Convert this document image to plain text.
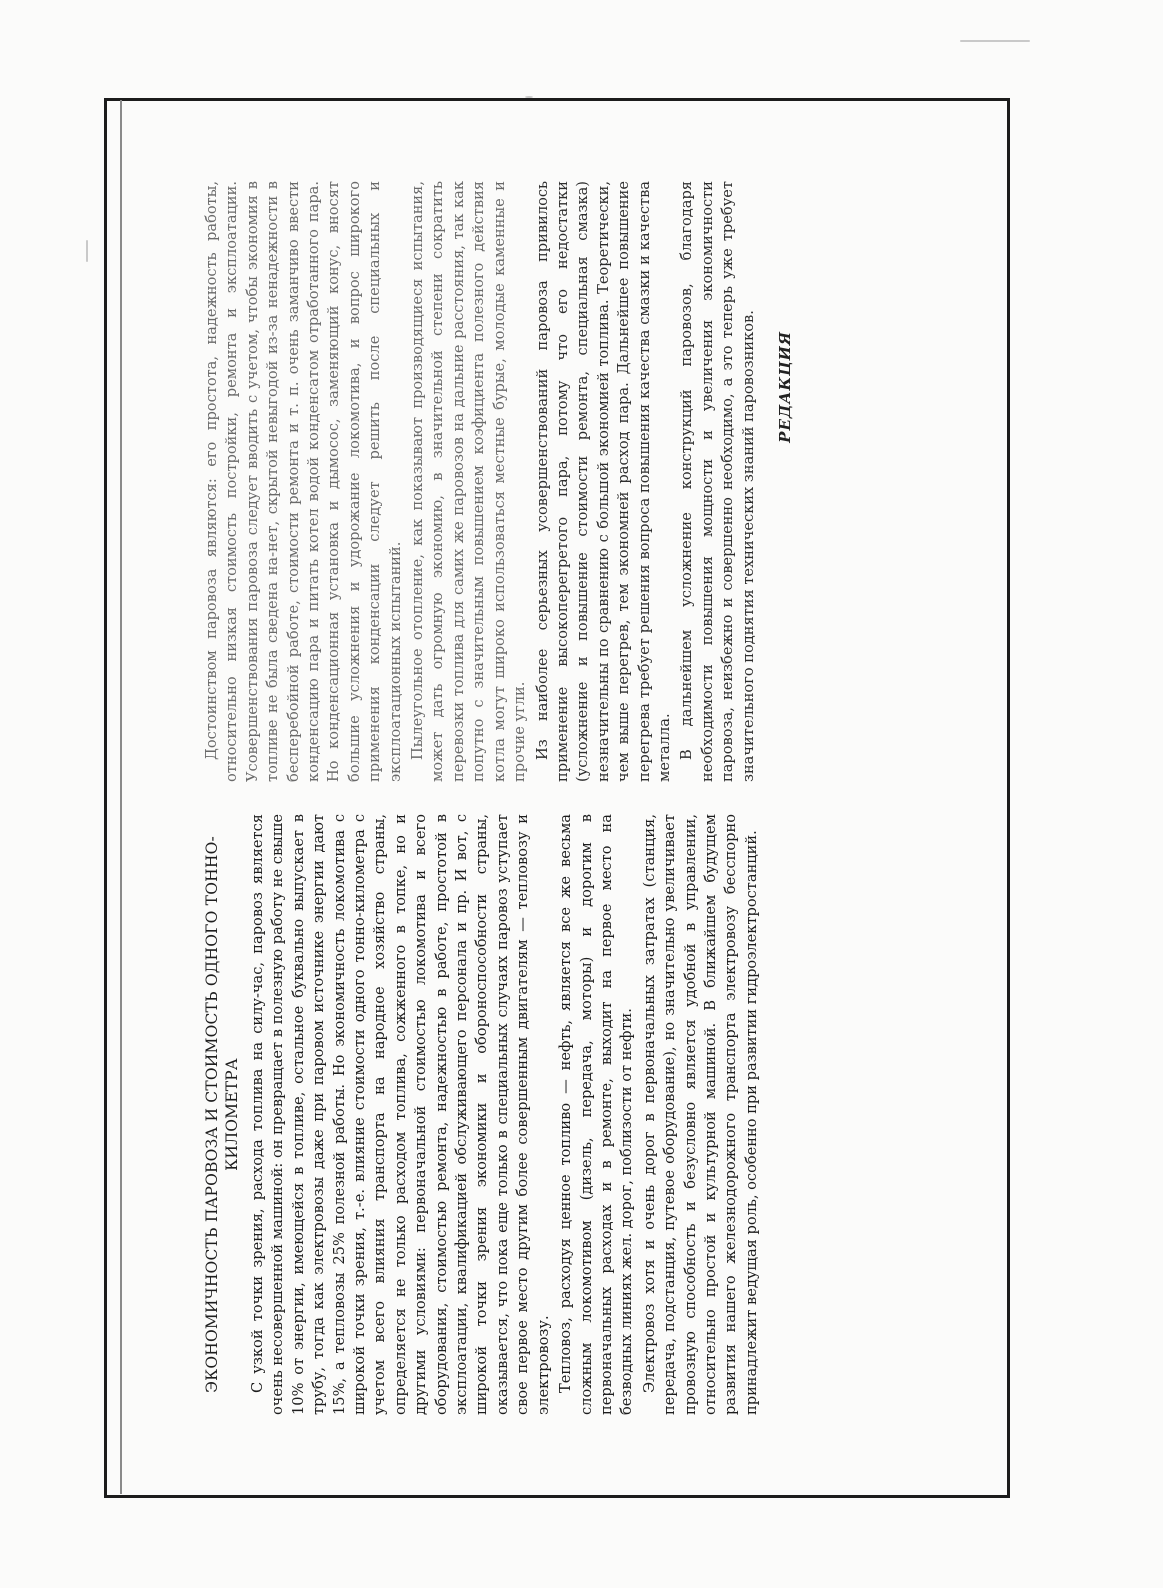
ЭКОНОМИЧНОСТЬ ПАРОВОЗА И СТОИМОСТЬ ОДНОГО ТОННО-КИЛОМЕТРА С узкой точки зрения, расхода топлива на силу-час, паровоз является очень несовершенной машиной: он превращает в полезную работу не свыше 10% от энергии, имеющейся в топливе, остальное буквально выпускает в трубу, тогда как электровозы даже при паровом источнике энергии дают 15%, а тепловозы 25% полезной работы. Но экономичность локомотива с широкой точки зрения, т.-е. влияние стоимости одного тонно-километра с учетом всего влияния транспорта на народное хозяйство страны, определяется не только расходом топлива, сожженного в топке, но и другими условиями: первоначальной стоимостью локомотива и всего оборудования, стоимостью ремонта, надежностью в работе, простотой в эксплоатации, квалификацией обслуживающего персонала и пр. И вот, с широкой точки зрения экономики и обороноспособности страны, оказывается, что пока еще только в специальных случаях паровоз уступает свое первое место другим более совершенным двигателям — тепловозу и электровозу. Тепловоз, расходуя ценное топливо — нефть, является все же весьма сложным локомотивом (дизель, передача, моторы) и дорогим в первоначальных расходах и в ремонте, выходит на первое место на безводных линиях жел. дорог, поблизости от нефти. Электровоз хотя и очень дорог в первоначальных затратах (станция, передача, подстанция, путевое оборудование), но значительно увеличивает провозную способность и безусловно является удобной в управлении, относительно простой и культурной машиной. В ближайшем будущем развития нашего железнодорожного транспорта электровозу бесспорно принадлежит ведущая роль, особенно при развитии гидроэлектростанций.

Достоинством паровоза являются: его простота, надежность работы, относительно низкая стоимость постройки, ремонта и эксплоатации. Усовершенствования паровоза следует вводить с учетом, чтобы экономия в топливе не была сведена на-нет, скрытой невыгодой из-за ненадежности в бесперебойной работе, стоимости ремонта и т. п. очень заманчиво ввести конденсацию пара и питать котел водой конденсатом отработанного пара. Но конденсационная установка и дымосос, заменяющий конус, вносят большие усложнения и удорожание локомотива, и вопрос широкого применения конденсации следует решить после специальных и эксплоатационных испытаний. Пылеугольное отопление, как показывают производящиеся испытания, может дать огромную экономию, в значительной степени сократить перевозки топлива для самих же паровозов на дальние расстояния, так как попутно с значительным повышением коэфициента полезного действия котла могут широко использоваться местные бурые, молодые каменные и прочие угли. Из наиболее серьезных усовершенствований паровоза привилось применение высокоперегретого пара, потому что его недостатки (усложнение и повышение стоимости ремонта, специальная смазка) незначительны по сравнению с большой экономией топлива. Теоретически, чем выше перегрев, тем экономней расход пара. Дальнейшее повышение перегрева требует решения вопроса повышения качества смазки и качества металла. В дальнейшем усложнение конструкций паровозов, благодаря необходимости повышения мощности и увеличения экономичности паровоза, неизбежно и совершенно необходимо, а это теперь уже требует значительного поднятия технических знаний паровозников. РЕДАКЦИЯ
